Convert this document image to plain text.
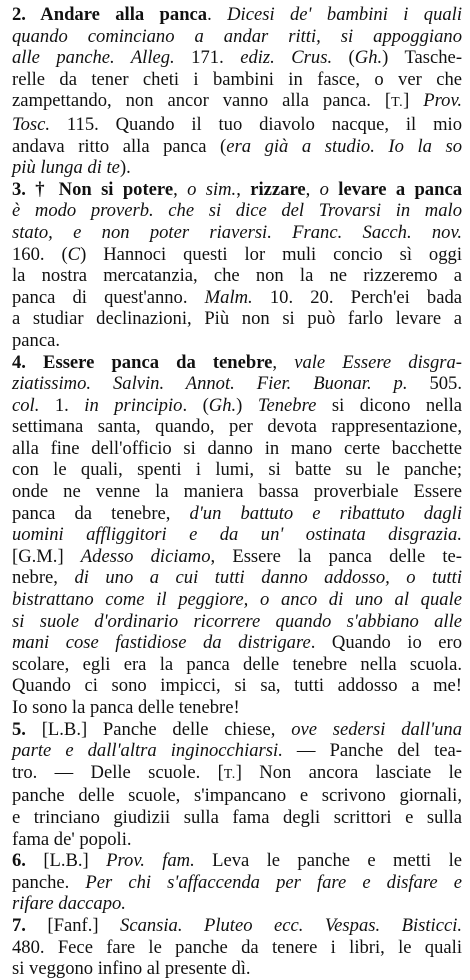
2. Andare alla panca. Dicesi de' bambini i quali
quando cominciano a andar ritti, si appoggiano
alle panche. Alleg. 171. ediz. Crus. (Gh.) Tasche-
relle da tener cheti i bambini in fasce, o ver che
zampettando, non ancor vanno alla panca. [T.] Prov.
Tosc. 115. Quando il tuo diavolo nacque, il mio
andava ritto alla panca (era già a studio. Io la so
più lunga di te).
3. † Non si potere, o sim., rizzare, o levare a panca
è modo proverb. che si dice del Trovarsi in malo
stato, e non poter riaversi. Franc. Sacch. nov.
160. (C) Hannoci questi lor muli concio sì oggi
la nostra mercatanzia, che non la ne rizzeremo a
panca di quest'anno. Malm. 10. 20. Perch'ei bada
a studiar declinazioni, Più non si può farlo levare a
panca.
4. Essere panca da tenebre, vale Essere disgra-
ziatissimo. Salvin. Annot. Fier. Buonar. p. 505.
col. 1. in principio. (Gh.) Tenebre si dicono nella
settimana santa, quando, per devota rappresentazione,
alla fine dell'officio si danno in mano certe bacchette
con le quali, spenti i lumi, si batte su le panche;
onde ne venne la maniera bassa proverbiale Essere
panca da tenebre, d'un battuto e ribattuto dagli
uomini affliggitori e da un' ostinata disgrazia.
[G.M.] Adesso diciamo, Essere la panca delle te-
nebre, di uno a cui tutti danno addosso, o tutti
bistrattano come il peggiore, o anco di uno al quale
si suole d'ordinario ricorrere quando s'abbiano alle
mani cose fastidiose da distrigare. Quando io ero
scolare, egli era la panca delle tenebre nella scuola.
Quando ci sono impicci, si sa, tutti addosso a me!
Io sono la panca delle tenebre!
5. [L.B.] Panche delle chiese, ove sedersi dall'una
parte e dall'altra inginocchiarsi. — Panche del tea-
tro. — Delle scuole. [T.] Non ancora lasciate le
panche delle scuole, s'impancano e scrivono giornali,
e trinciano giudizii sulla fama degli scrittori e sulla
fama de' popoli.
6. [L.B.] Prov. fam. Leva le panche e metti le
panche. Per chi s'affaccenda per fare e disfare e
rifare daccapo.
7. [Fanf.] Scansia. Pluteo ecc. Vespas. Bisticci.
480. Fece fare le panche da tenere i libri, le quali
si veggono infino al presente dì.
